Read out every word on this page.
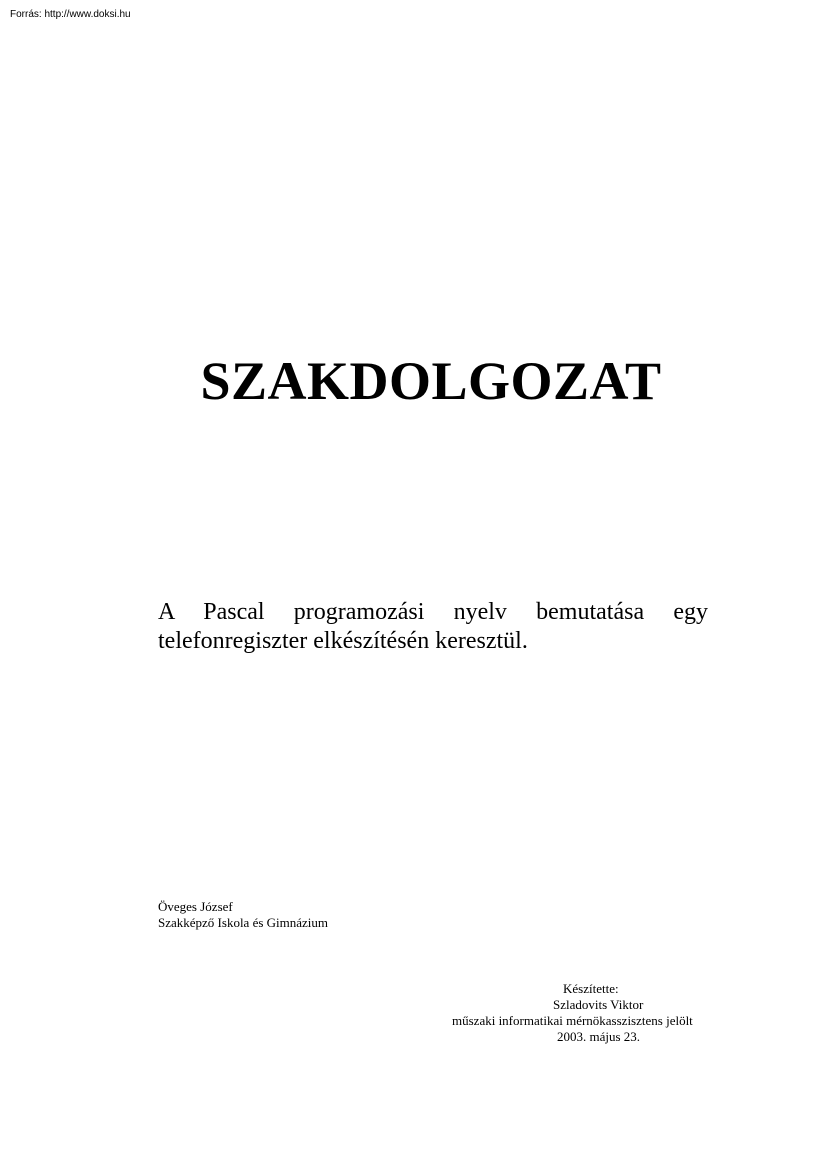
Forrás: http://www.doksi.hu
SZAKDOLGOZAT
A Pascal programozási nyelv bemutatása egy
telefonregiszter elkészítésén keresztül.
Öveges József
Szakképző Iskola és Gimnázium
Készítette:
Szladovits Viktor
műszaki informatikai mérnökasszisztens jelölt
2003. május 23.
